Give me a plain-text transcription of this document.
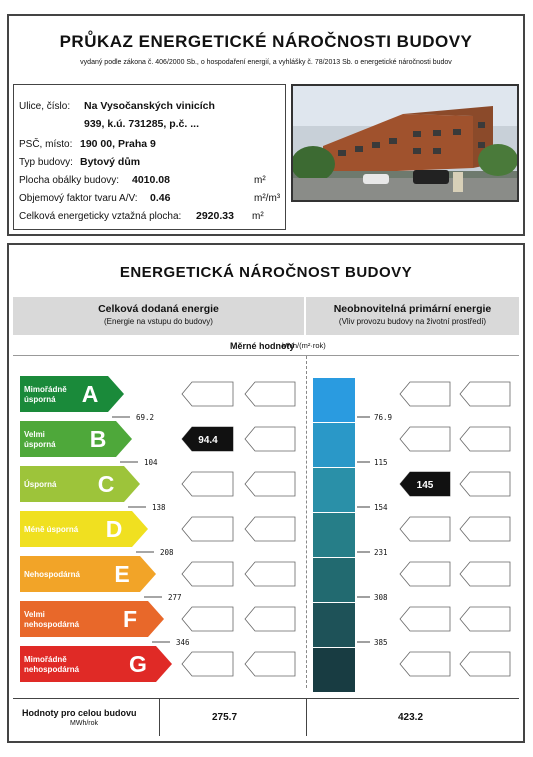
PRŮKAZ ENERGETICKÉ NÁROČNOSTI BUDOVY
vydaný podle zákona č. 406/2000 Sb., o hospodaření energií, a vyhlášky č. 78/2013 Sb. o energetické náročnosti budov
Ulice, číslo: Na Vysočanských vinicích
939, k.ú. 731285, p.č. ...
PSČ, místo: 190 00, Praha 9
Typ budovy: Bytový dům
Plocha obálky budovy: 4010.08	m²
Objemový faktor tvaru A/V: 0.46	m²/m³
Celková energeticky vztažná plocha: 2920.33 m²
ENERGETICKÁ NÁROČNOST BUDOVY
Celková dodaná energie
(Energie na vstupu do budovy)
Neobnovitelná primární energie
(Vliv provozu budovy na životní prostředí)
Měrné hodnoty
kWh/(m²·rok)
Mimořádně
úsporná A
Velmi
úsporná B
Úsporná C
Méně úsporná D
Nehospodárná E
Velmi
nehospodárná F
Mimořádně
nehospodárná G
69.2
104
138
208
277
346
76.9
115
154
231
308
385
94.4
145
Hodnoty pro celou budovu
MWh/rok
275.7	423.2
